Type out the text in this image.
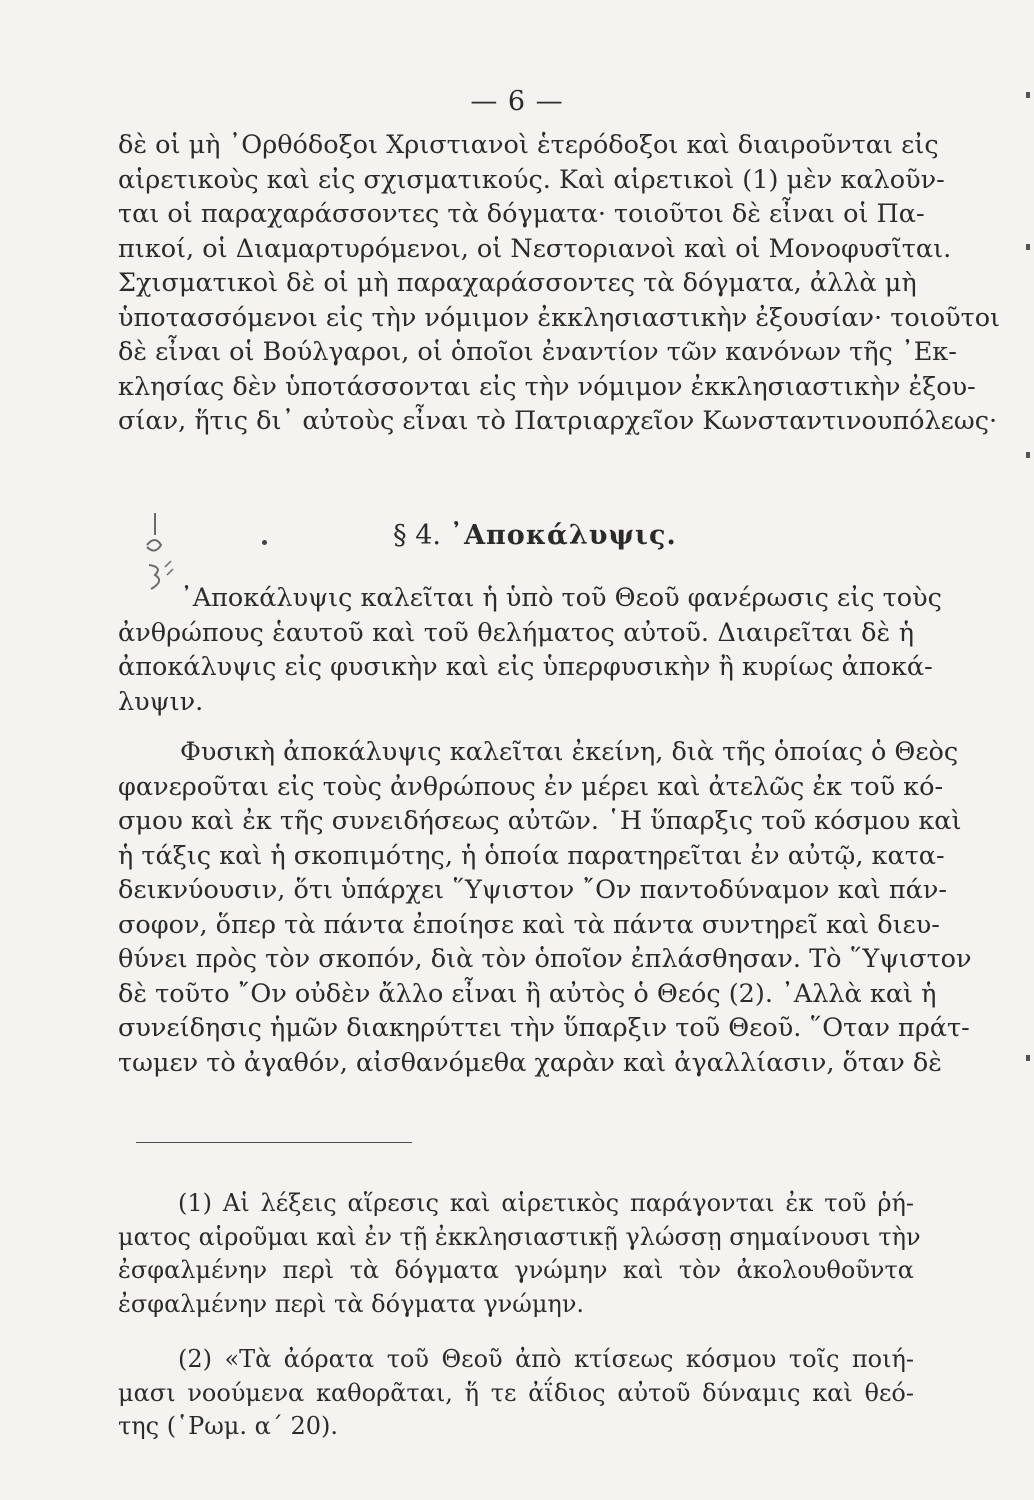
— 6 —
δὲ οἱ μὴ ᾿Ορθόδοξοι Χριστιανοὶ ἑτερόδοξοι καὶ διαιροῦνται εἰς
αἱρετικοὺς καὶ εἰς σχισματικούς. Καὶ αἱρετικοὶ (1) μὲν καλοῦν-
ται οἱ παραχαράσσοντες τὰ δόγματα· τοιοῦτοι δὲ εἶναι οἱ Πα-
πικοί, οἱ Διαμαρτυρόμενοι, οἱ Νεστοριανοὶ καὶ οἱ Μονοφυσῖται.
Σχισματικοὶ δὲ οἱ μὴ παραχαράσσοντες τὰ δόγματα, ἀλλὰ μὴ
ὑποτασσόμενοι εἰς τὴν νόμιμον ἐκκλησιαστικὴν ἐξουσίαν· τοιοῦτοι
δὲ εἶναι οἱ Βούλγαροι, οἱ ὁποῖοι ἐναντίον τῶν κανόνων τῆς ᾿Εκ-
κλησίας δὲν ὑποτάσσονται εἰς τὴν νόμιμον ἐκκλησιαστικὴν ἐξου-
σίαν, ἥτις δι᾿ αὐτοὺς εἶναι τὸ Πατριαρχεῖον Κωνσταντινουπόλεως·
§ 4. ᾿Αποκάλυψις.
᾿Αποκάλυψις καλεῖται ἡ ὑπὸ τοῦ Θεοῦ φανέρωσις εἰς τοὺς
ἀνθρώπους ἑαυτοῦ καὶ τοῦ θελήματος αὐτοῦ. Διαιρεῖται δὲ ἡ
ἀποκάλυψις εἰς φυσικὴν καὶ εἰς ὑπερφυσικὴν ἢ κυρίως ἀποκά-
λυψιν.
Φυσικὴ ἀποκάλυψις καλεῖται ἐκείνη, διὰ τῆς ὁποίας ὁ Θεὸς
φανεροῦται εἰς τοὺς ἀνθρώπους ἐν μέρει καὶ ἀτελῶς ἐκ τοῦ κό-
σμου καὶ ἐκ τῆς συνειδήσεως αὐτῶν. ῾Η ὕπαρξις τοῦ κόσμου καὶ
ἡ τάξις καὶ ἡ σκοπιμότης, ἡ ὁποία παρατηρεῖται ἐν αὐτῷ, κατα-
δεικνύουσιν, ὅτι ὑπάρχει ῞Υψιστον ῎Ον παντοδύναμον καὶ πάν-
σοφον, ὅπερ τὰ πάντα ἐποίησε καὶ τὰ πάντα συντηρεῖ καὶ διευ-
θύνει πρὸς τὸν σκοπόν, διὰ τὸν ὁποῖον ἐπλάσθησαν. Τὸ ῞Υψιστον
δὲ τοῦτο ῎Ον οὐδὲν ἄλλο εἶναι ἢ αὐτὸς ὁ Θεός (2). ᾿Αλλὰ καὶ ἡ
συνείδησις ἡμῶν διακηρύττει τὴν ὕπαρξιν τοῦ Θεοῦ. ῞Οταν πράτ-
τωμεν τὸ ἀγαθόν, αἰσθανόμεθα χαρὰν καὶ ἀγαλλίασιν, ὅταν δὲ
(1) Αἱ λέξεις αἵρεσις καὶ αἱρετικὸς παράγονται ἐκ τοῦ ῥή-
ματος αἱροῦμαι καὶ ἐν τῇ ἐκκλησιαστικῇ γλώσσῃ σημαίνουσι τὴν
ἐσφαλμένην περὶ τὰ δόγματα γνώμην καὶ τὸν ἀκολουθοῦντα
ἐσφαλμένην περὶ τὰ δόγματα γνώμην.
(2) «Τὰ ἀόρατα τοῦ Θεοῦ ἀπὸ κτίσεως κόσμου τοῖς ποιή-
μασι νοούμενα καθορᾶται, ἥ τε ἀΐδιος αὐτοῦ δύναμις καὶ θεό-
της (῾Ρωμ. α΄ 20).
